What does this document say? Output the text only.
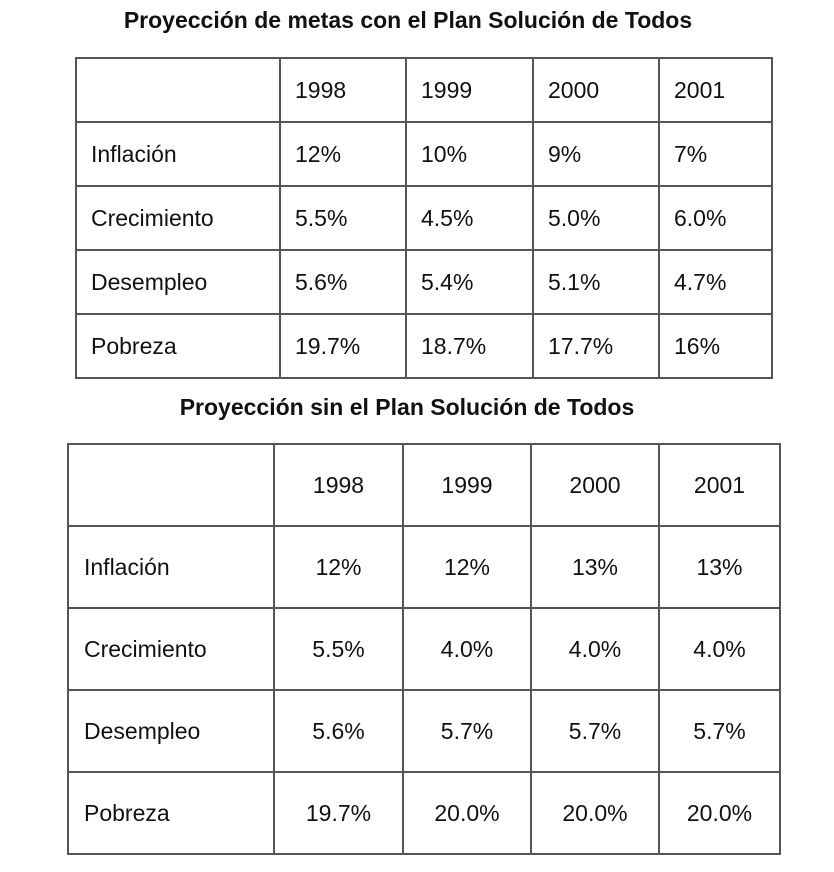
Proyección de metas con el Plan Solución de Todos
	1998	1999	2000	2001
Inflación	12%	10%	9%	7%
Crecimiento	5.5%	4.5%	5.0%	6.0%
Desempleo	5.6%	5.4%	5.1%	4.7%
Pobreza	19.7%	18.7%	17.7%	16%
Proyección sin el Plan Solución de Todos
	1998	1999	2000	2001
Inflación	12%	12%	13%	13%
Crecimiento	5.5%	4.0%	4.0%	4.0%
Desempleo	5.6%	5.7%	5.7%	5.7%
Pobreza	19.7%	20.0%	20.0%	20.0%
